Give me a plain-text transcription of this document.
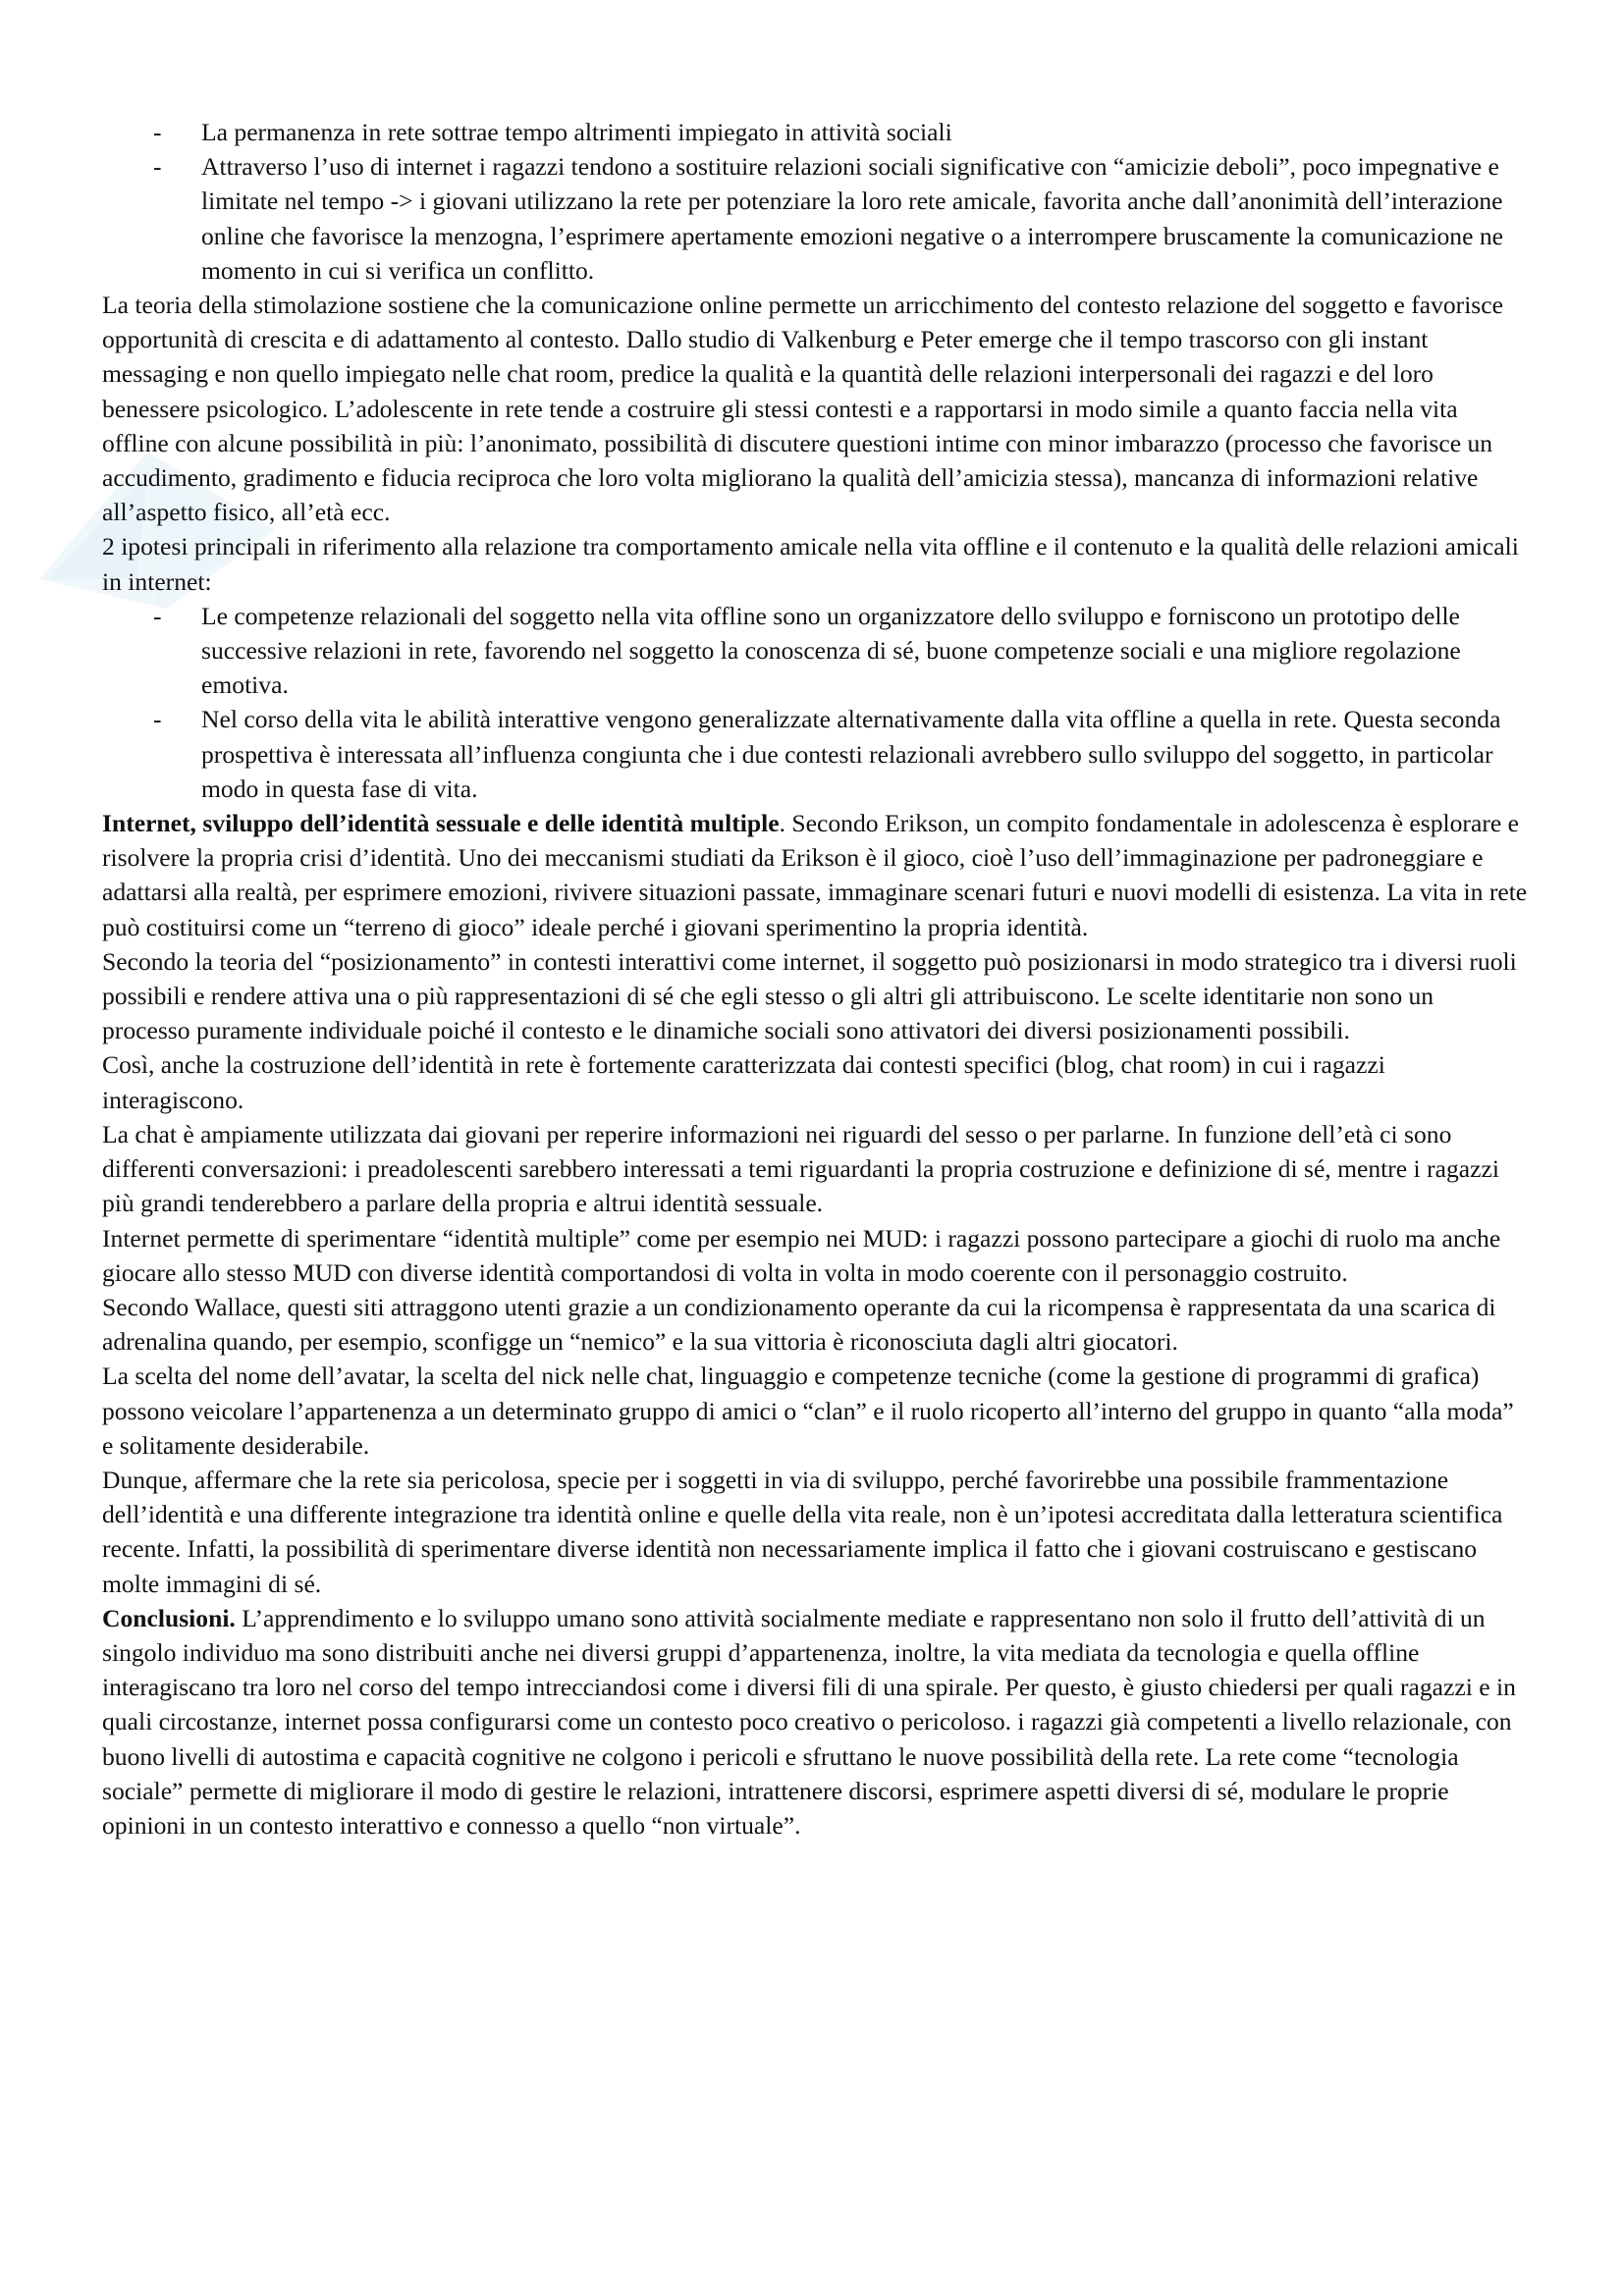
- La permanenza in rete sottrae tempo altrimenti impiegato in attività sociali
- Attraverso l’uso di internet i ragazzi tendono a sostituire relazioni sociali significative con “amicizie deboli”, poco impegnative e limitate nel tempo -> i giovani utilizzano la rete per potenziare la loro rete amicale, favorita anche dall’anonimità dell’interazione online che favorisce la menzogna, l’esprimere apertamente emozioni negative o a interrompere bruscamente la comunicazione ne momento in cui si verifica un conflitto.

La teoria della stimolazione sostiene che la comunicazione online permette un arricchimento del contesto relazione del soggetto e favorisce opportunità di crescita e di adattamento al contesto. Dallo studio di Valkenburg e Peter emerge che il tempo trascorso con gli instant messaging e non quello impiegato nelle chat room, predice la qualità e la quantità delle relazioni interpersonali dei ragazzi e del loro benessere psicologico. L’adolescente in rete tende a costruire gli stessi contesti e a rapportarsi in modo simile a quanto faccia nella vita offline con alcune possibilità in più: l’anonimato, possibilità di discutere questioni intime con minor imbarazzo (processo che favorisce un accudimento, gradimento e fiducia reciproca che loro volta migliorano la qualità dell’amicizia stessa), mancanza di informazioni relative all’aspetto fisico, all’età ecc.

2 ipotesi principali in riferimento alla relazione tra comportamento amicale nella vita offline e il contenuto e la qualità delle relazioni amicali in internet:

- Le competenze relazionali del soggetto nella vita offline sono un organizzatore dello sviluppo e forniscono un prototipo delle successive relazioni in rete, favorendo nel soggetto la conoscenza di sé, buone competenze sociali e una migliore regolazione emotiva.
- Nel corso della vita le abilità interattive vengono generalizzate alternativamente dalla vita offline a quella in rete. Questa seconda prospettiva è interessata all’influenza congiunta che i due contesti relazionali avrebbero sullo sviluppo del soggetto, in particolar modo in questa fase di vita.

Internet, sviluppo dell’identità sessuale e delle identità multiple. Secondo Erikson, un compito fondamentale in adolescenza è esplorare e risolvere la propria crisi d’identità. Uno dei meccanismi studiati da Erikson è il gioco, cioè l’uso dell’immaginazione per padroneggiare e adattarsi alla realtà, per esprimere emozioni, rivivere situazioni passate, immaginare scenari futuri e nuovi modelli di esistenza. La vita in rete può costituirsi come un “terreno di gioco” ideale perché i giovani sperimentino la propria identità.

Secondo la teoria del “posizionamento” in contesti interattivi come internet, il soggetto può posizionarsi in modo strategico tra i diversi ruoli possibili e rendere attiva una o più rappresentazioni di sé che egli stesso o gli altri gli attribuiscono. Le scelte identitarie non sono un processo puramente individuale poiché il contesto e le dinamiche sociali sono attivatori dei diversi posizionamenti possibili.

Così, anche la costruzione dell’identità in rete è fortemente caratterizzata dai contesti specifici (blog, chat room) in cui i ragazzi interagiscono.

La chat è ampiamente utilizzata dai giovani per reperire informazioni nei riguardi del sesso o per parlarne. In funzione dell’età ci sono differenti conversazioni: i preadolescenti sarebbero interessati a temi riguardanti la propria costruzione e definizione di sé, mentre i ragazzi più grandi tenderebbero a parlare della propria e altrui identità sessuale.

Internet permette di sperimentare “identità multiple” come per esempio nei MUD: i ragazzi possono partecipare a giochi di ruolo ma anche giocare allo stesso MUD con diverse identità comportandosi di volta in volta in modo coerente con il personaggio costruito.

Secondo Wallace, questi siti attraggono utenti grazie a un condizionamento operante da cui la ricompensa è rappresentata da una scarica di adrenalina quando, per esempio, sconfigge un “nemico” e la sua vittoria è riconosciuta dagli altri giocatori.

La scelta del nome dell’avatar, la scelta del nick nelle chat, linguaggio e competenze tecniche (come la gestione di programmi di grafica) possono veicolare l’appartenenza a un determinato gruppo di amici o “clan” e il ruolo ricoperto all’interno del gruppo in quanto “alla moda” e solitamente desiderabile.

Dunque, affermare che la rete sia pericolosa, specie per i soggetti in via di sviluppo, perché favorirebbe una possibile frammentazione dell’identità e una differente integrazione tra identità online e quelle della vita reale, non è un’ipotesi accreditata dalla letteratura scientifica recente. Infatti, la possibilità di sperimentare diverse identità non necessariamente implica il fatto che i giovani costruiscano e gestiscano molte immagini di sé.

Conclusioni. L’apprendimento e lo sviluppo umano sono attività socialmente mediate e rappresentano non solo il frutto dell’attività di un singolo individuo ma sono distribuiti anche nei diversi gruppi d’appartenenza, inoltre, la vita mediata da tecnologia e quella offline interagiscano tra loro nel corso del tempo intrecciandosi come i diversi fili di una spirale. Per questo, è giusto chiedersi per quali ragazzi e in quali circostanze, internet possa configurarsi come un contesto poco creativo o pericoloso. i ragazzi già competenti a livello relazionale, con buono livelli di autostima e capacità cognitive ne colgono i pericoli e sfruttano le nuove possibilità della rete. La rete come “tecnologia sociale” permette di migliorare il modo di gestire le relazioni, intrattenere discorsi, esprimere aspetti diversi di sé, modulare le proprie opinioni in un contesto interattivo e connesso a quello “non virtuale”.
